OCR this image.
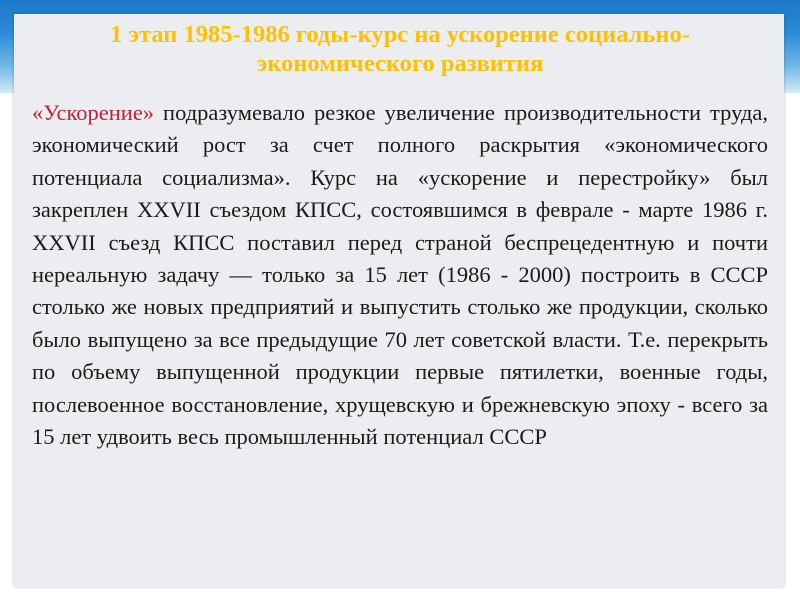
1 этап 1985-1986 годы-курс на ускорение социально-экономического развития

«Ускорение» подразумевало резкое увеличение производительности труда, экономический рост за счет полного раскрытия «экономического потенциала социализма». Курс на «ускорение и перестройку» был закреплен XXVII съездом КПСС, состоявшимся в феврале - марте 1986 г. XXVII съезд КПСС поставил перед страной беспрецедентную и почти нереальную задачу — только за 15 лет (1986 - 2000) построить в СССР столько же новых предприятий и выпустить столько же продукции, сколько было выпущено за все предыдущие 70 лет советской власти. Т.е. перекрыть по объему выпущенной продукции первые пятилетки, военные годы, послевоенное восстановление, хрущевскую и брежневскую эпоху - всего за 15 лет удвоить весь промышленный потенциал СССР
